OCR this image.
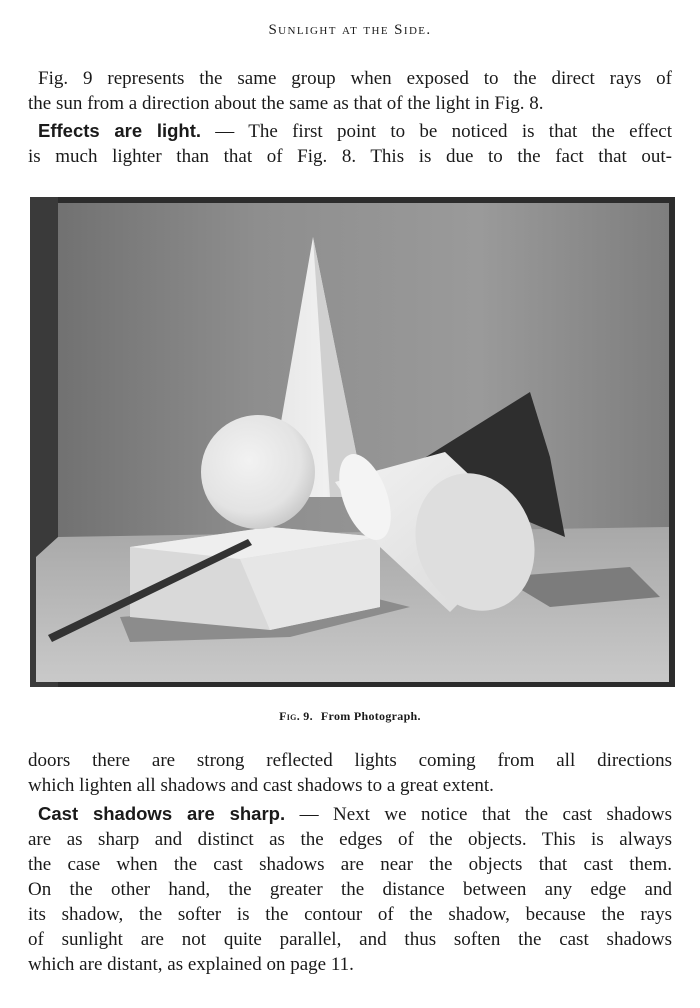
Sunlight at the Side.
Fig. 9 represents the same group when exposed to the direct rays of
the sun from a direction about the same as that of the light in Fig. 8.
Effects are light. — The first point to be noticed is that the effect
is much lighter than that of Fig. 8. This is due to the fact that out-
Fig. 9. From Photograph.
doors there are strong reflected lights coming from all directions
which lighten all shadows and cast shadows to a great extent.
Cast shadows are sharp. — Next we notice that the cast shadows
are as sharp and distinct as the edges of the objects. This is always
the case when the cast shadows are near the objects that cast them.
On the other hand, the greater the distance between any edge and
its shadow, the softer is the contour of the shadow, because the rays
of sunlight are not quite parallel, and thus soften the cast shadows
which are distant, as explained on page 11.
